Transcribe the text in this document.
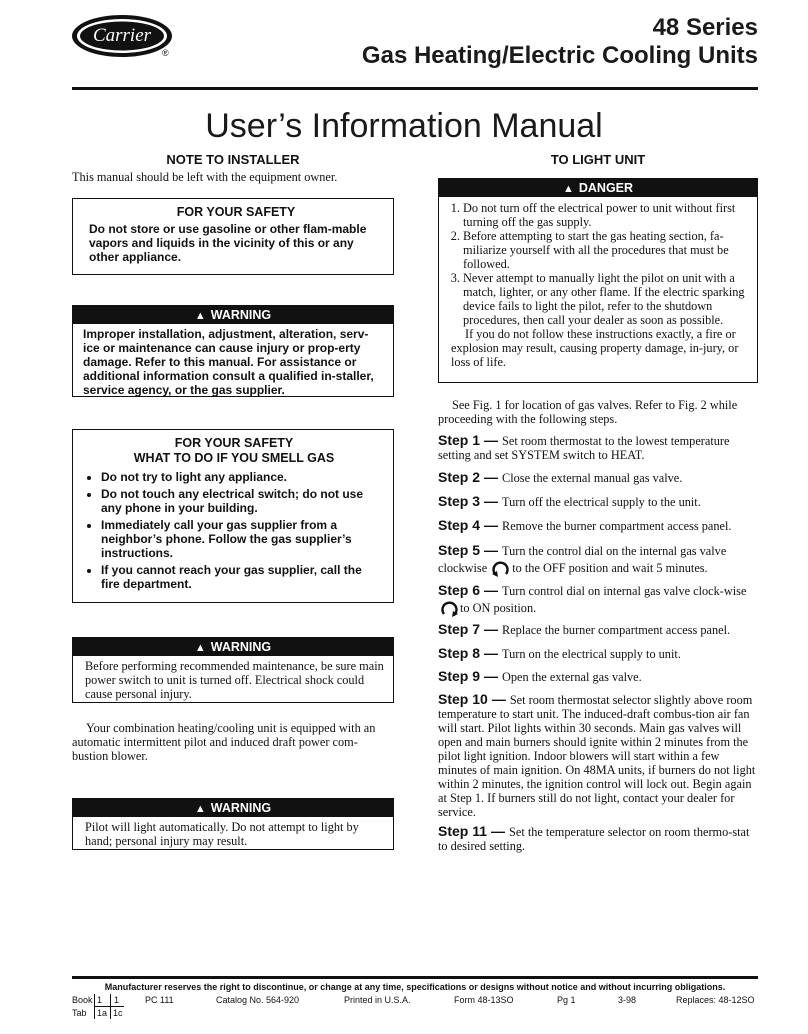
Carrier
®
48 Series
Gas Heating/Electric Cooling Units
User’s Information Manual
NOTE TO INSTALLER
This manual should be left with the equipment owner.
FOR YOUR SAFETY
Do not store or use gasoline or other flam-mable vapors and liquids in the vicinity of this or any other appliance.
▲ WARNING
Improper installation, adjustment, alteration, serv-ice or maintenance can cause injury or prop-erty damage. Refer to this manual. For assistance or additional information consult a qualified in-staller, service agency, or the gas supplier.
FOR YOUR SAFETY
WHAT TO DO IF YOU SMELL GAS
• Do not try to light any appliance.
• Do not touch any electrical switch; do not use any phone in your building.
• Immediately call your gas supplier from a neighbor’s phone. Follow the gas supplier’s instructions.
• If you cannot reach your gas supplier, call the fire department.
▲ WARNING
Before performing recommended maintenance, be sure main power switch to unit is turned off. Electrical shock could cause personal injury.
Your combination heating/cooling unit is equipped with an automatic intermittent pilot and induced draft power com-bustion blower.
▲ WARNING
Pilot will light automatically. Do not attempt to light by hand; personal injury may result.
TO LIGHT UNIT
▲ DANGER
1. Do not turn off the electrical power to unit without first turning off the gas supply.
2. Before attempting to start the gas heating section, fa-miliarize yourself with all the procedures that must be followed.
3. Never attempt to manually light the pilot on unit with a match, lighter, or any other flame. If the electric sparking device fails to light the pilot, refer to the shutdown procedures, then call your dealer as soon as possible.
If you do not follow these instructions exactly, a fire or explosion may result, causing property damage, in-jury, or loss of life.
See Fig. 1 for location of gas valves. Refer to Fig. 2 while proceeding with the following steps.
Step 1 — Set room thermostat to the lowest temperature setting and set SYSTEM switch to HEAT.
Step 2 — Close the external manual gas valve.
Step 3 — Turn off the electrical supply to the unit.
Step 4 — Remove the burner compartment access panel.
Step 5 — Turn the control dial on the internal gas valve clockwise to the OFF position and wait 5 minutes.
Step 6 — Turn control dial on internal gas valve clock-wise to ON position.
Step 7 — Replace the burner compartment access panel.
Step 8 — Turn on the electrical supply to unit.
Step 9 — Open the external gas valve.
Step 10 — Set room thermostat selector slightly above room temperature to start unit. The induced-draft combus-tion air fan will start. Pilot lights within 30 seconds. Main gas valves will open and main burners should ignite within 2 minutes from the pilot light ignition. Indoor blowers will start within a few minutes of main ignition. On 48MA units, if burners do not light within 2 minutes, the ignition control will lock out. Begin again at Step 1. If burners still do not light, contact your dealer for service.
Step 11 — Set the temperature selector on room thermo-stat to desired setting.
Manufacturer reserves the right to discontinue, or change at any time, specifications or designs without notice and without incurring obligations.
Book 1 1
Tab 1a 1c
PC 111	Catalog No. 564-920	Printed in U.S.A.	Form 48-13SO	Pg 1	3-98	Replaces: 48-12SO
